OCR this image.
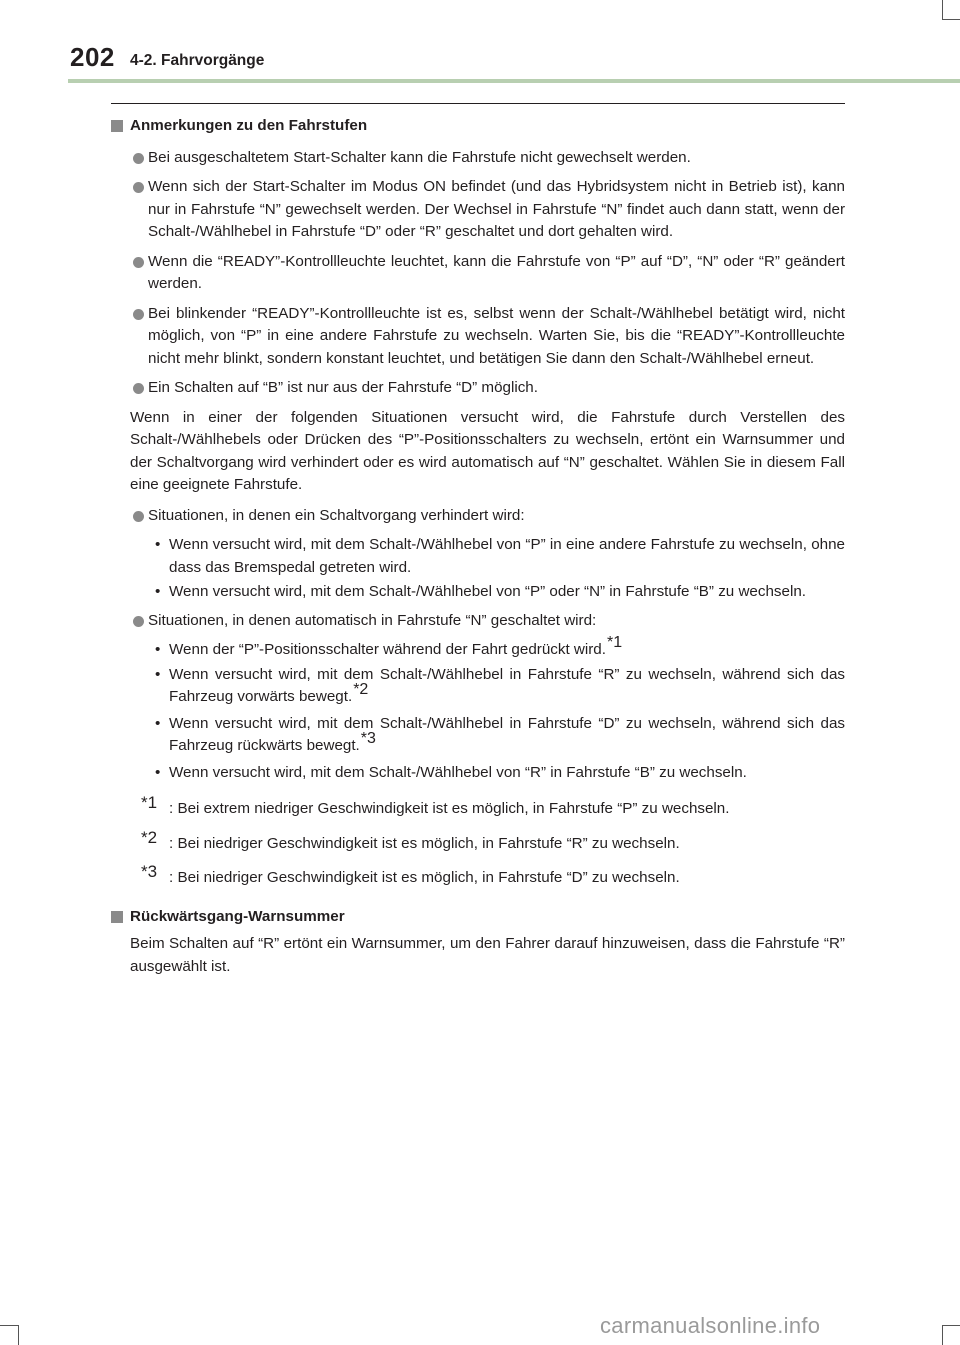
202 4-2. Fahrvorgänge
Anmerkungen zu den Fahrstufen
Bei ausgeschaltetem Start-Schalter kann die Fahrstufe nicht gewechselt werden.
Wenn sich der Start-Schalter im Modus ON befindet (und das Hybridsystem nicht in Betrieb ist), kann nur in Fahrstufe “N” gewechselt werden. Der Wechsel in Fahrstufe “N” findet auch dann statt, wenn der Schalt-/Wählhebel in Fahrstufe “D” oder “R” geschaltet und dort gehalten wird.
Wenn die “READY”-Kontrollleuchte leuchtet, kann die Fahrstufe von “P” auf “D”, “N” oder “R” geändert werden.
Bei blinkender “READY”-Kontrollleuchte ist es, selbst wenn der Schalt-/Wählhebel betätigt wird, nicht möglich, von “P” in eine andere Fahrstufe zu wechseln. Warten Sie, bis die “READY”-Kontrollleuchte nicht mehr blinkt, sondern konstant leuchtet, und betätigen Sie dann den Schalt-/Wählhebel erneut.
Ein Schalten auf “B” ist nur aus der Fahrstufe “D” möglich.
Wenn in einer der folgenden Situationen versucht wird, die Fahrstufe durch Verstellen des Schalt-/Wählhebels oder Drücken des “P”-Positionsschalters zu wechseln, ertönt ein Warnsummer und der Schaltvorgang wird verhindert oder es wird automatisch auf “N” geschaltet. Wählen Sie in diesem Fall eine geeignete Fahrstufe.
Situationen, in denen ein Schaltvorgang verhindert wird:
• Wenn versucht wird, mit dem Schalt-/Wählhebel von “P” in eine andere Fahrstufe zu wechseln, ohne dass das Bremspedal getreten wird.
• Wenn versucht wird, mit dem Schalt-/Wählhebel von “P” oder “N” in Fahrstufe “B” zu wechseln.
Situationen, in denen automatisch in Fahrstufe “N” geschaltet wird:
• Wenn der “P”-Positionsschalter während der Fahrt gedrückt wird.*1
• Wenn versucht wird, mit dem Schalt-/Wählhebel in Fahrstufe “R” zu wechseln, während sich das Fahrzeug vorwärts bewegt.*2
• Wenn versucht wird, mit dem Schalt-/Wählhebel in Fahrstufe “D” zu wechseln, während sich das Fahrzeug rückwärts bewegt.*3
• Wenn versucht wird, mit dem Schalt-/Wählhebel von “R” in Fahrstufe “B” zu wechseln.
*1 : Bei extrem niedriger Geschwindigkeit ist es möglich, in Fahrstufe “P” zu wechseln.
*2 : Bei niedriger Geschwindigkeit ist es möglich, in Fahrstufe “R” zu wechseln.
*3 : Bei niedriger Geschwindigkeit ist es möglich, in Fahrstufe “D” zu wechseln.
Rückwärtsgang-Warnsummer
Beim Schalten auf “R” ertönt ein Warnsummer, um den Fahrer darauf hinzuweisen, dass die Fahrstufe “R” ausgewählt ist.
carmanualsonline.info
